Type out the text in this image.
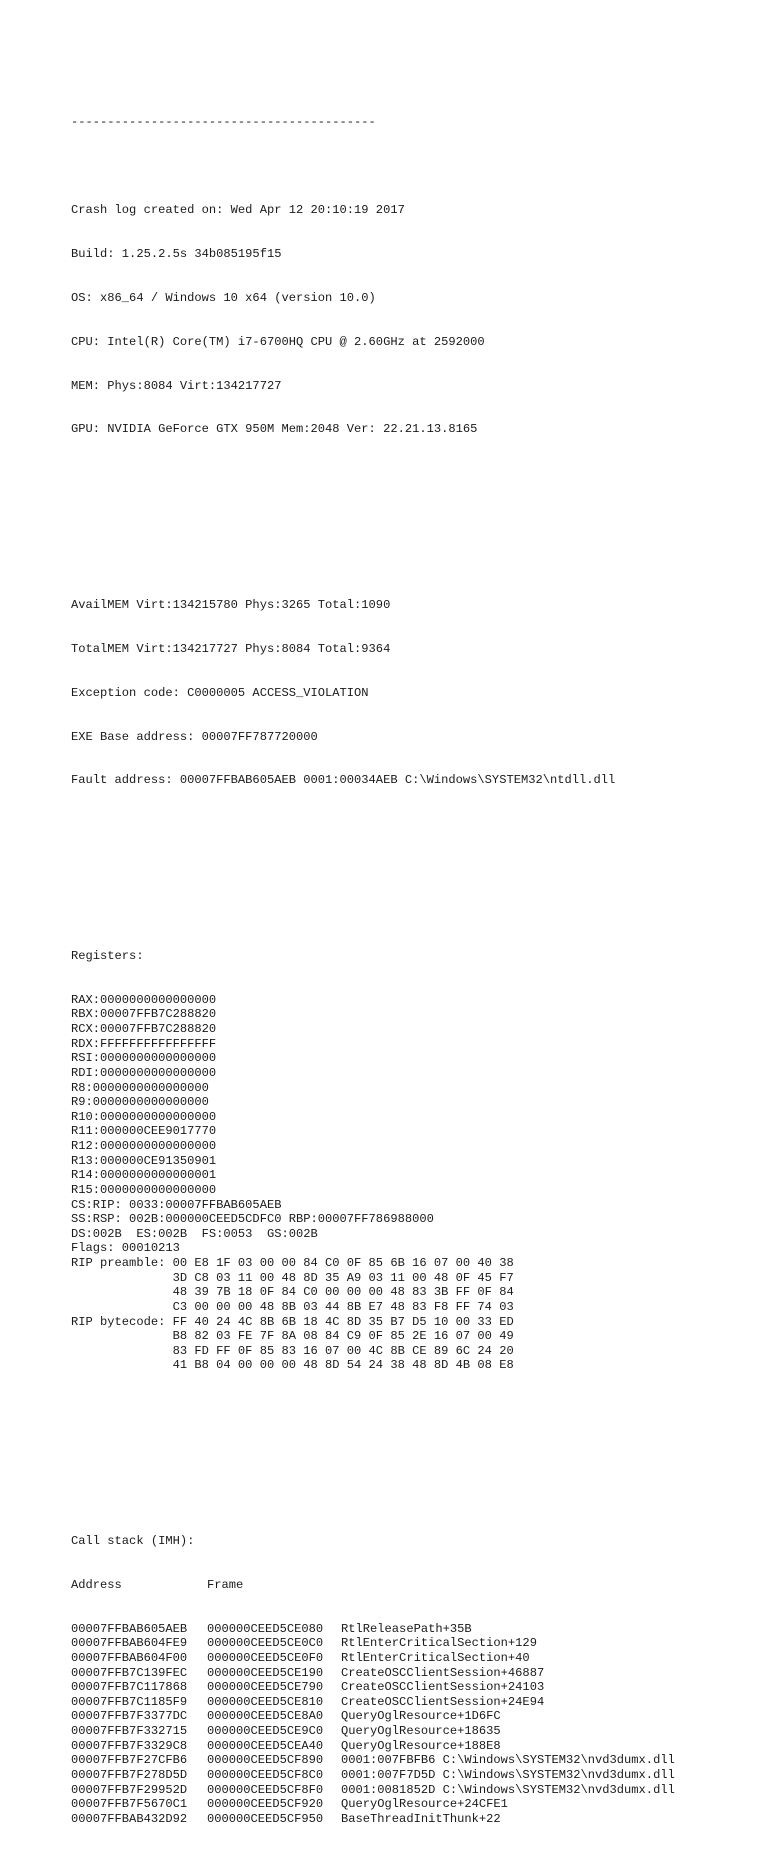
------------------------------------------

Crash log created on: Wed Apr 12 20:10:19 2017

Build: 1.25.2.5s 34b085195f15

OS: x86_64 / Windows 10 x64 (version 10.0)

CPU: Intel(R) Core(TM) i7-6700HQ CPU @ 2.60GHz at 2592000

MEM: Phys:8084 Virt:134217727

GPU: NVIDIA GeForce GTX 950M Mem:2048 Ver: 22.21.13.8165

AvailMEM Virt:134215780 Phys:3265 Total:1090

TotalMEM Virt:134217727 Phys:8084 Total:9364

Exception code: C0000005 ACCESS_VIOLATION

EXE Base address: 00007FF787720000

Fault address: 00007FFBAB605AEB 0001:00034AEB C:\Windows\SYSTEM32\ntdll.dll

Registers:

RAX:0000000000000000
RBX:00007FFB7C288820
RCX:00007FFB7C288820
RDX:FFFFFFFFFFFFFFFF
RSI:0000000000000000
RDI:0000000000000000
R8:0000000000000000
R9:0000000000000000
R10:0000000000000000
R11:000000CEE9017770
R12:0000000000000000
R13:000000CE91350901
R14:0000000000000001
R15:0000000000000000
CS:RIP: 0033:00007FFBAB605AEB
SS:RSP: 002B:000000CEED5CDFC0 RBP:00007FF786988000
DS:002B  ES:002B  FS:0053  GS:002B
Flags: 00010213
RIP preamble: 00 E8 1F 03 00 00 84 C0 0F 85 6B 16 07 00 40 38
3D C8 03 11 00 48 8D 35 A9 03 11 00 48 0F 45 F7
48 39 7B 18 0F 84 C0 00 00 00 48 83 3B FF 0F 84
C3 00 00 00 48 8B 03 44 8B E7 48 83 F8 FF 74 03
RIP bytecode: FF 40 24 4C 8B 6B 18 4C 8D 35 B7 D5 10 00 33 ED
B8 82 03 FE 7F 8A 08 84 C9 0F 85 2E 16 07 00 49
83 FD FF 0F 85 83 16 07 00 4C 8B CE 89 6C 24 20
41 B8 04 00 00 00 48 8D 54 24 38 48 8D 4B 08 E8

Call stack (IMH):

Address	Frame

00007FFBAB605AEB 000000CEED5CE080 RtlReleasePath+35B
00007FFBAB604FE9 000000CEED5CE0C0 RtlEnterCriticalSection+129
00007FFBAB604F00 000000CEED5CE0F0 RtlEnterCriticalSection+40
00007FFB7C139FEC 000000CEED5CE190 CreateOSCClientSession+46887
00007FFB7C117868 000000CEED5CE790 CreateOSCClientSession+24103
00007FFB7C1185F9 000000CEED5CE810 CreateOSCClientSession+24E94
00007FFB7F3377DC 000000CEED5CE8A0 QueryOglResource+1D6FC
00007FFB7F332715 000000CEED5CE9C0 QueryOglResource+18635
00007FFB7F3329C8 000000CEED5CEA40 QueryOglResource+188E8
00007FFB7F27CFB6 000000CEED5CF890 0001:007FBFB6 C:\Windows\SYSTEM32\nvd3dumx.dll
00007FFB7F278D5D 000000CEED5CF8C0 0001:007F7D5D C:\Windows\SYSTEM32\nvd3dumx.dll
00007FFB7F29952D 000000CEED5CF8F0 0001:0081852D C:\Windows\SYSTEM32\nvd3dumx.dll
00007FFB7F5670C1 000000CEED5CF920 QueryOglResource+24CFE1
00007FFBAB432D92 000000CEED5CF950 BaseThreadInitThunk+22
